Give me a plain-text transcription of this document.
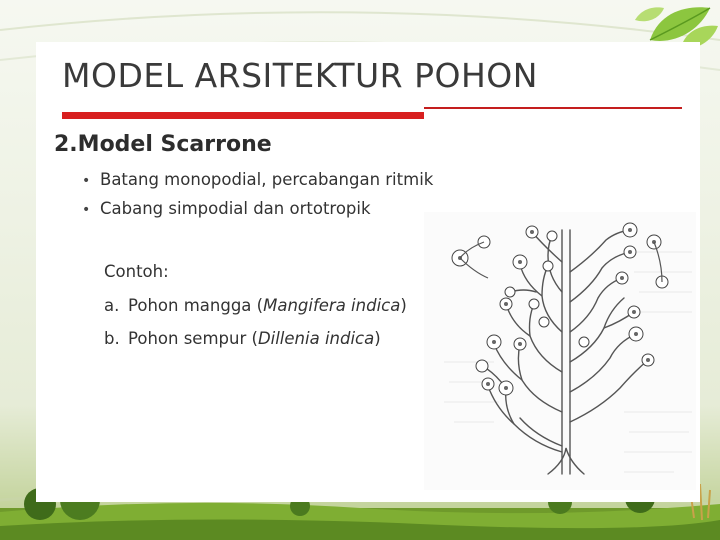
MODEL ARSITEKTUR POHON
2.Model Scarrone
• Batang monopodial, percabangan ritmik
• Cabang simpodial dan ortotropik
Contoh:
a. Pohon mangga (Mangifera indica)
b. Pohon sempur (Dillenia indica)
